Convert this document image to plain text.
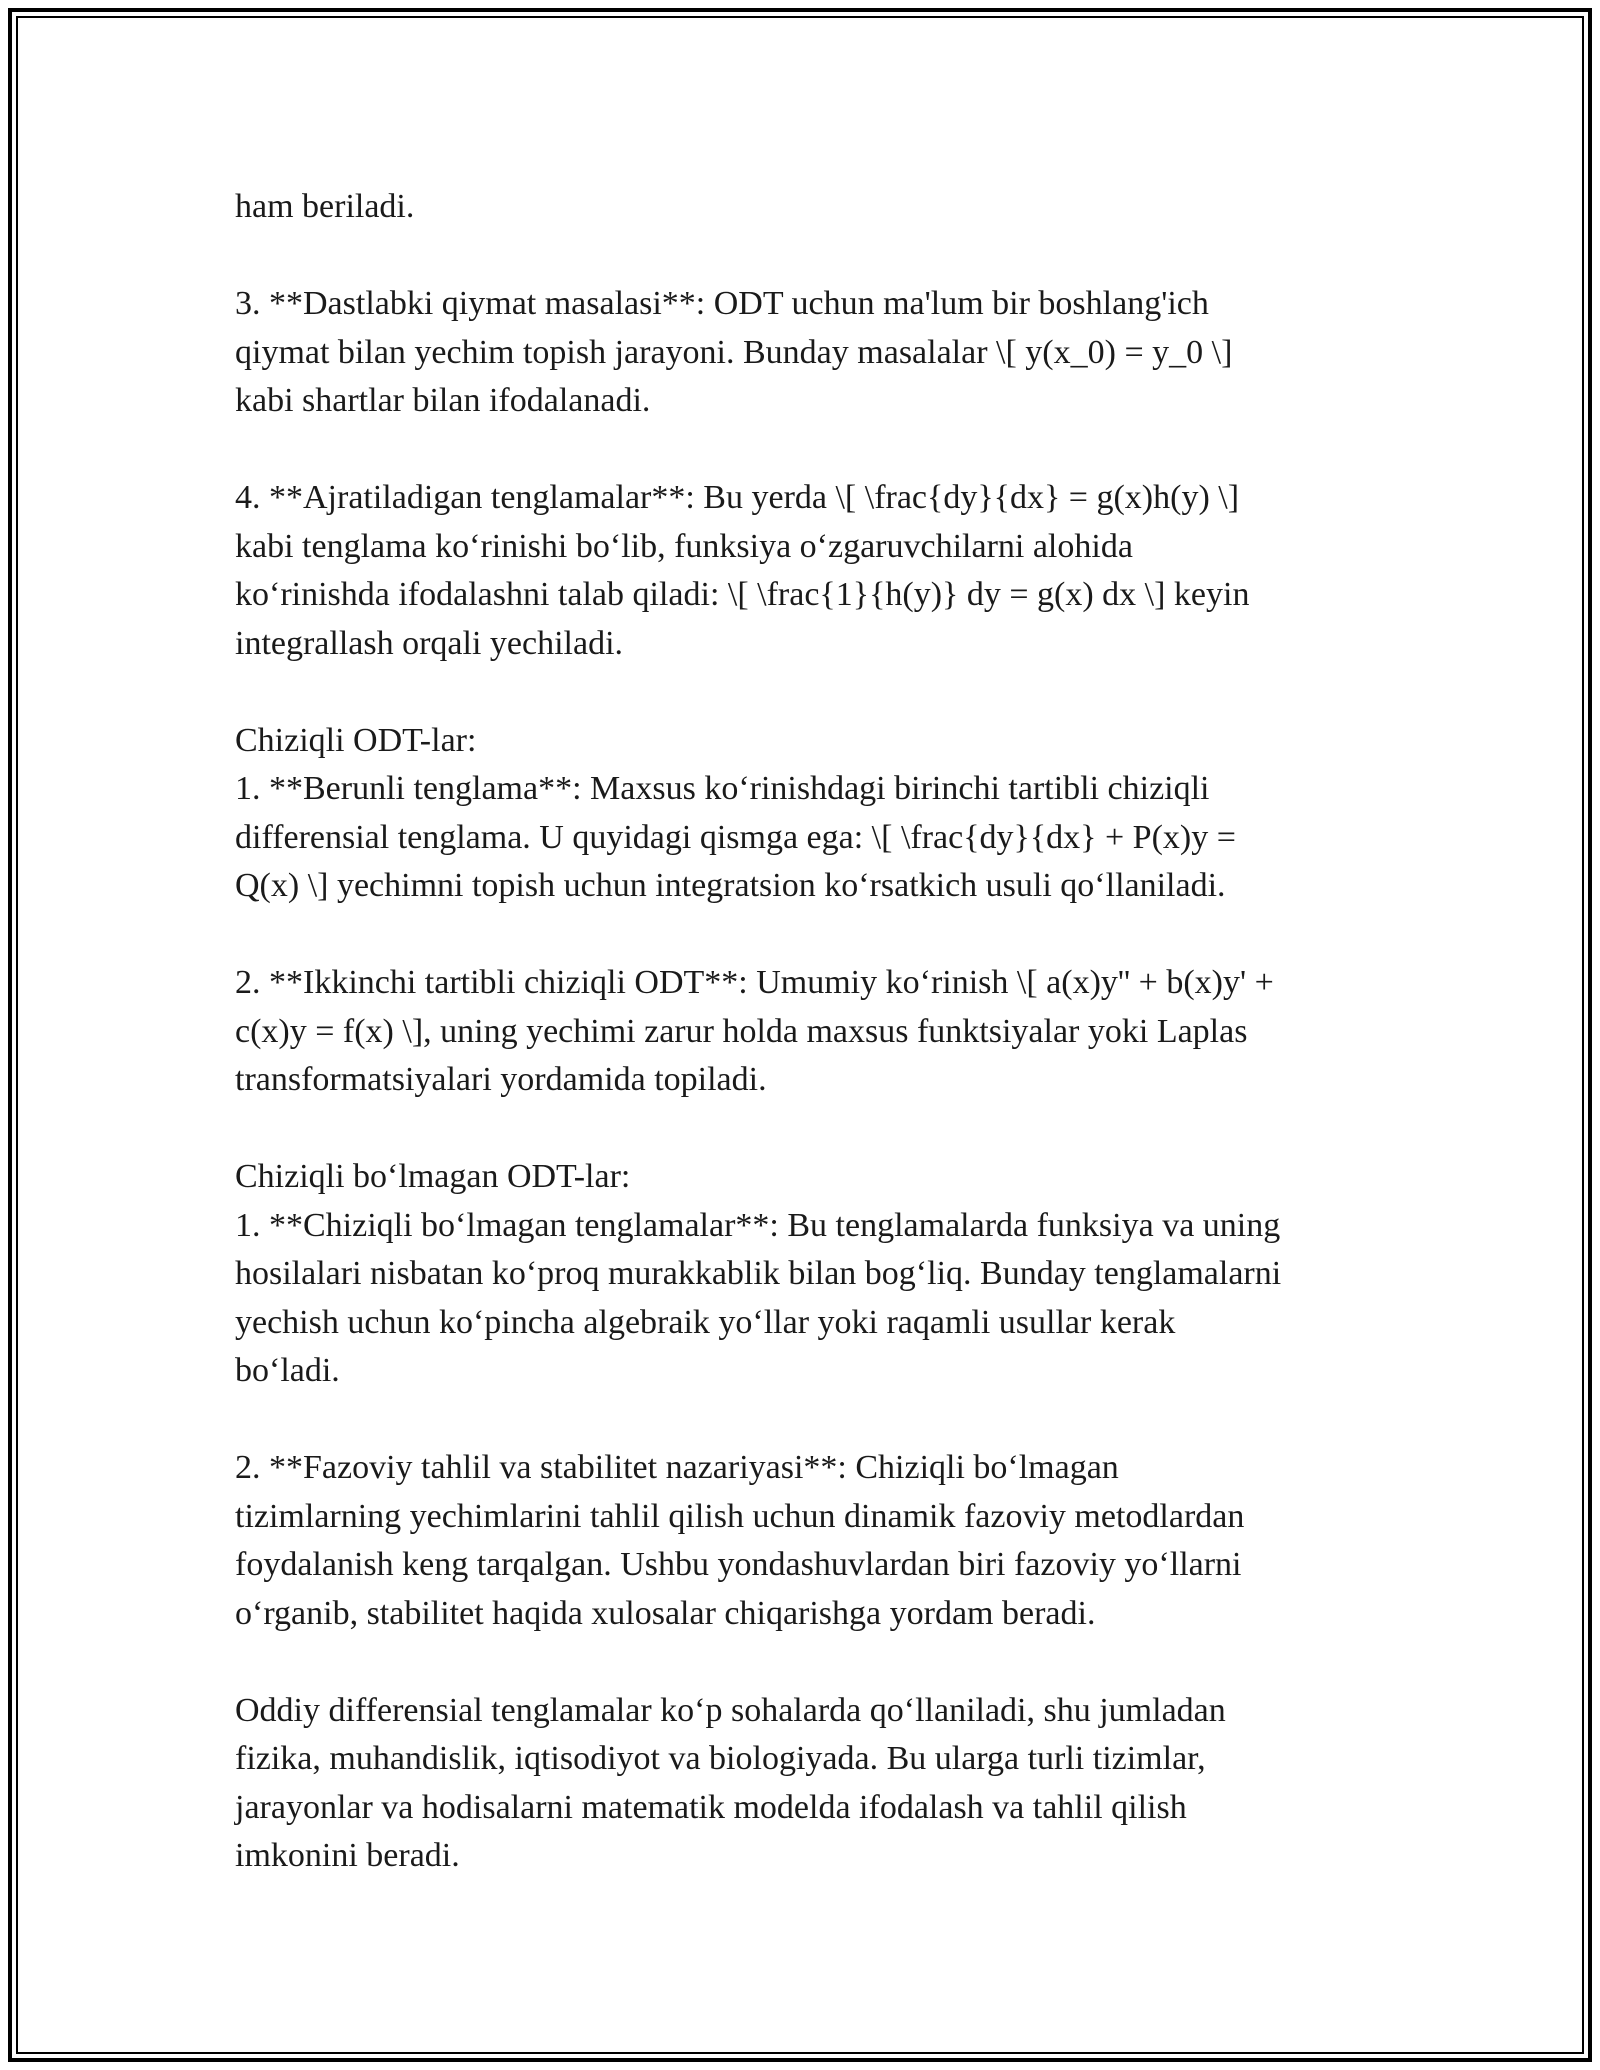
ham beriladi.
3. **Dastlabki qiymat masalasi**: ODT uchun ma'lum bir boshlang'ich
qiymat bilan yechim topish jarayoni. Bunday masalalar \[ y(x_0) = y_0 \]
kabi shartlar bilan ifodalanadi.
4. **Ajratiladigan tenglamalar**: Bu yerda \[ \frac{dy}{dx} = g(x)h(y) \]
kabi tenglama koʻrinishi boʻlib, funksiya oʻzgaruvchilarni alohida
koʻrinishda ifodalashni talab qiladi: \[ \frac{1}{h(y)} dy = g(x) dx \] keyin
integrallash orqali yechiladi.
Chiziqli ODT-lar:
1. **Berunli tenglama**: Maxsus koʻrinishdagi birinchi tartibli chiziqli
differensial tenglama. U quyidagi qismga ega: \[ \frac{dy}{dx} + P(x)y =
Q(x) \] yechimni topish uchun integratsion koʻrsatkich usuli qoʻllaniladi.
2. **Ikkinchi tartibli chiziqli ODT**: Umumiy koʻrinish \[ a(x)y'' + b(x)y' +
c(x)y = f(x) \], uning yechimi zarur holda maxsus funktsiyalar yoki Laplas
transformatsiyalari yordamida topiladi.
Chiziqli boʻlmagan ODT-lar:
1. **Chiziqli boʻlmagan tenglamalar**: Bu tenglamalarda funksiya va uning
hosilalari nisbatan koʻproq murakkablik bilan bogʻliq. Bunday tenglamalarni
yechish uchun koʻpincha algebraik yoʻllar yoki raqamli usullar kerak
boʻladi.
2. **Fazoviy tahlil va stabilitet nazariyasi**: Chiziqli boʻlmagan
tizimlarning yechimlarini tahlil qilish uchun dinamik fazoviy metodlardan
foydalanish keng tarqalgan. Ushbu yondashuvlardan biri fazoviy yoʻllarni
oʻrganib, stabilitet haqida xulosalar chiqarishga yordam beradi.
Oddiy differensial tenglamalar koʻp sohalarda qoʻllaniladi, shu jumladan
fizika, muhandislik, iqtisodiyot va biologiyada. Bu ularga turli tizimlar,
jarayonlar va hodisalarni matematik modelda ifodalash va tahlil qilish
imkonini beradi.
